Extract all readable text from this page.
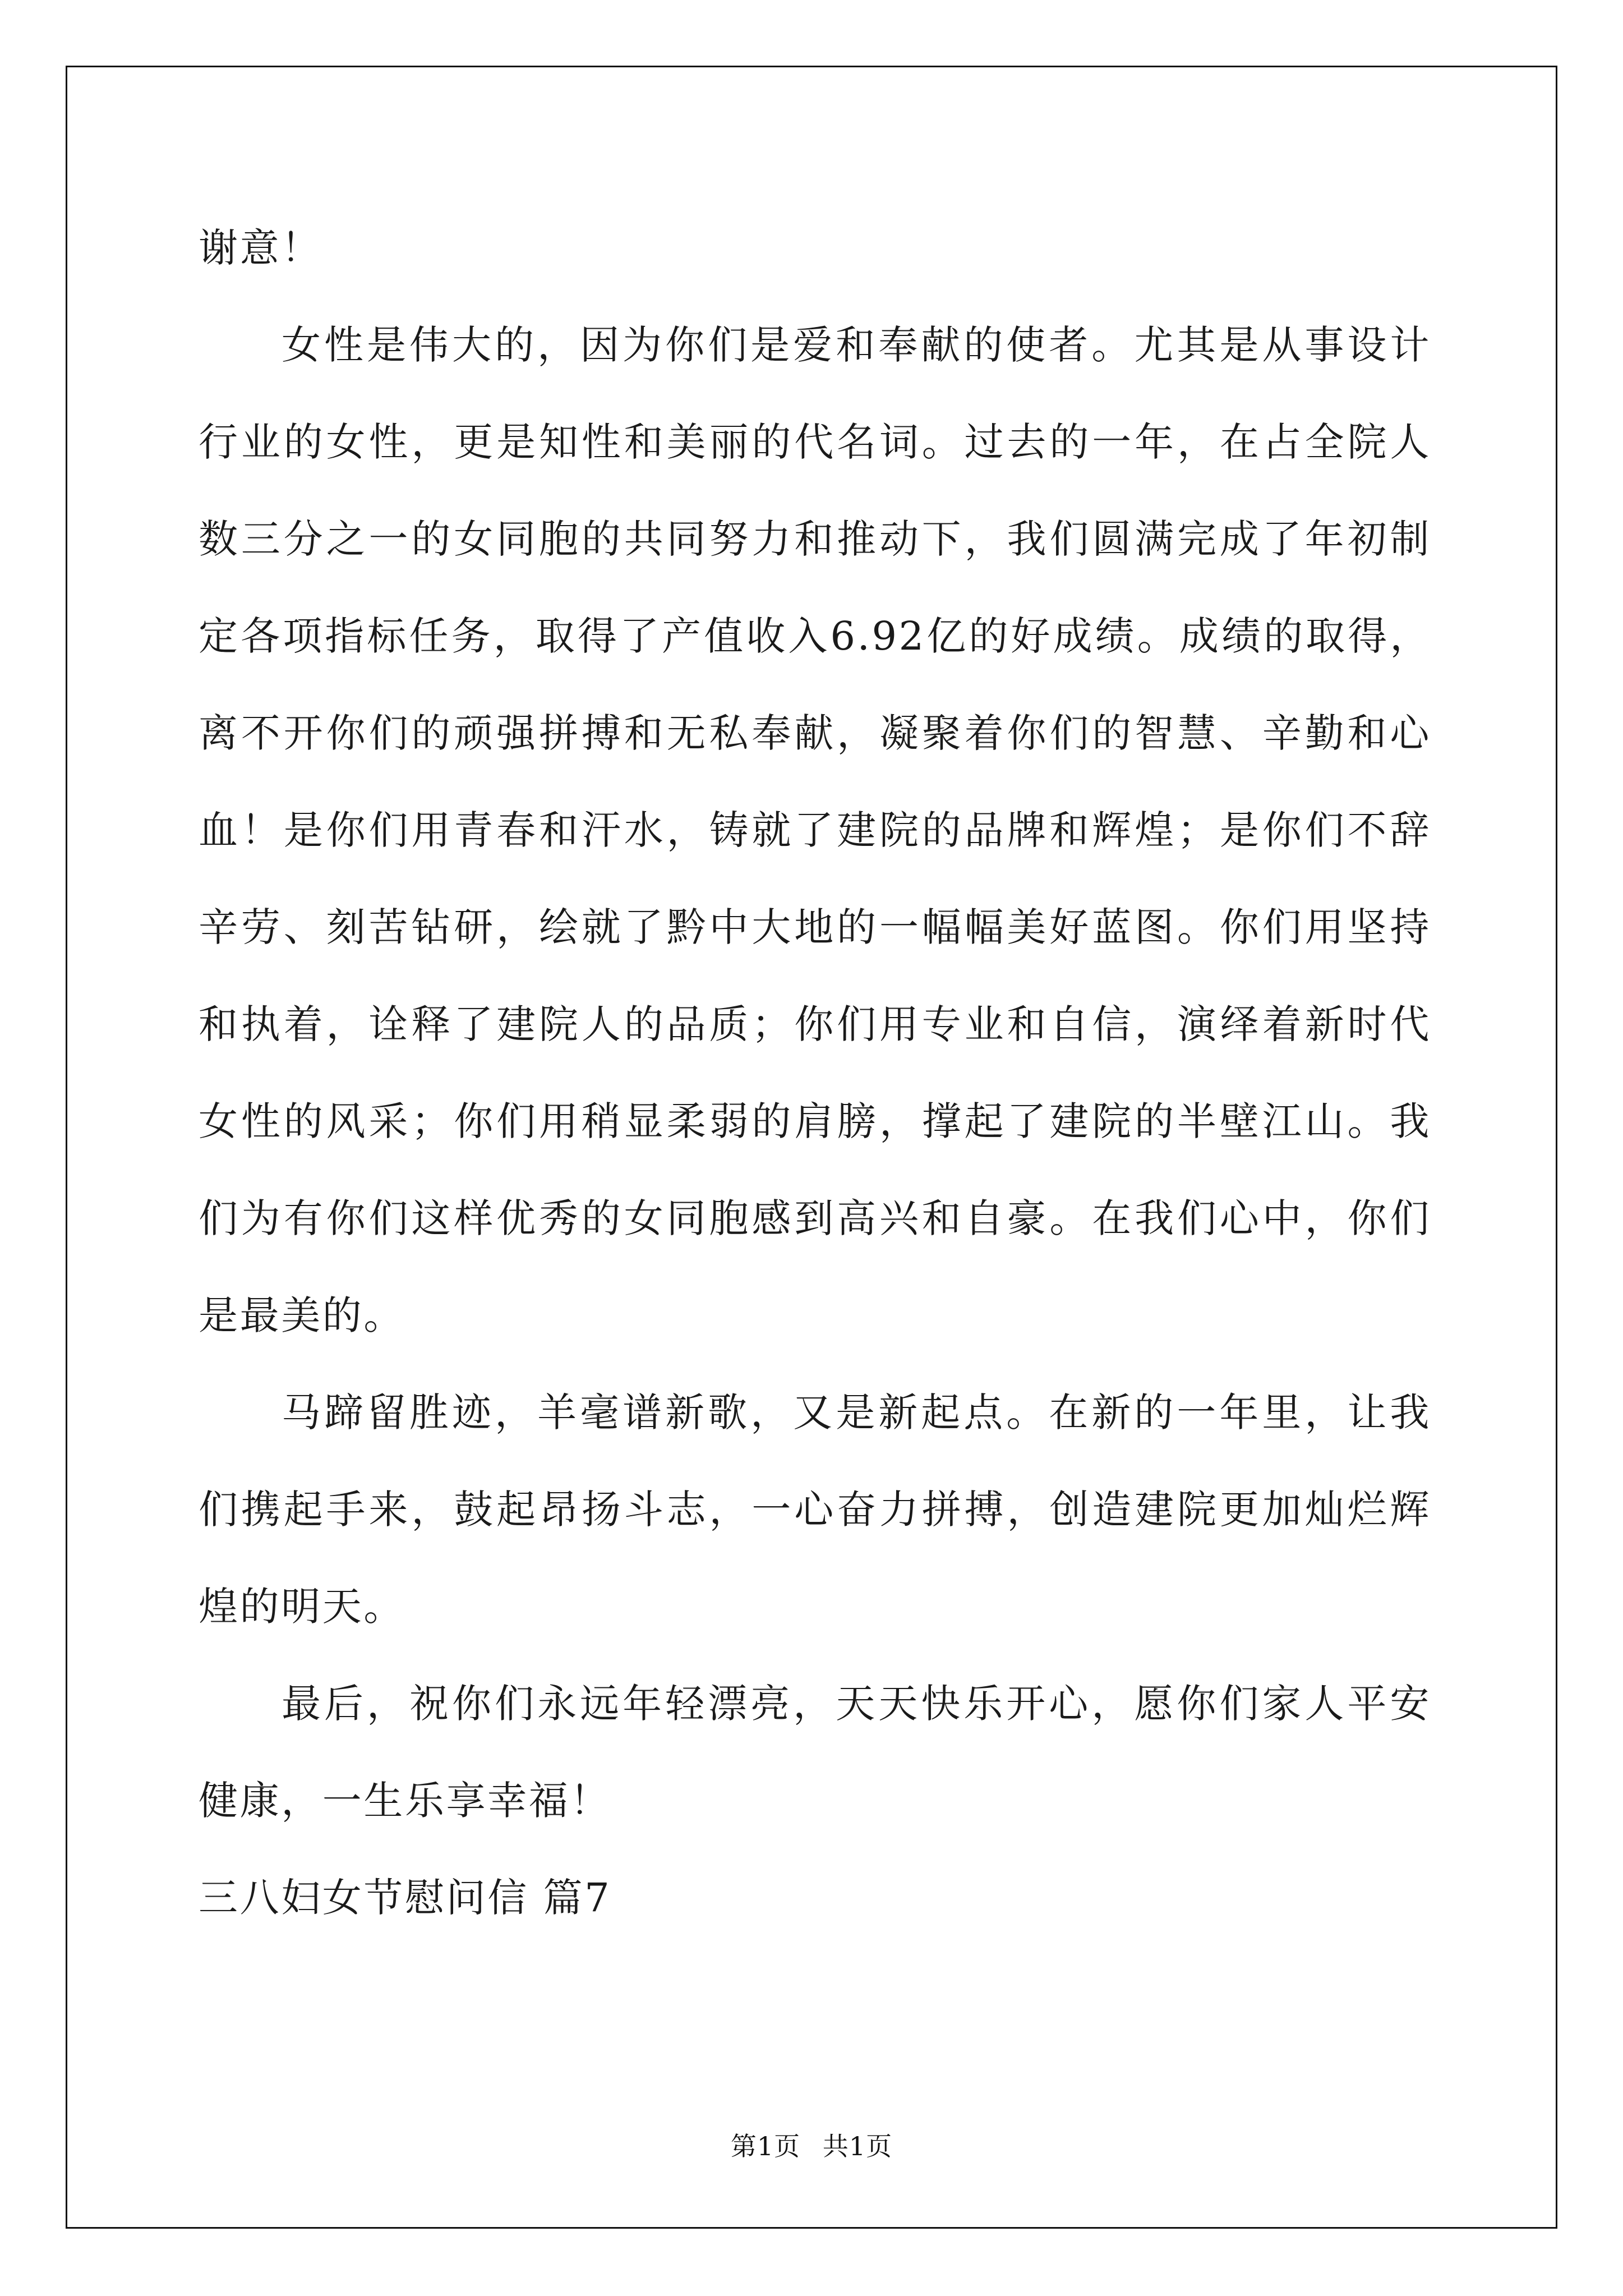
谢意！

女性是伟大的，因为你们是爱和奉献的使者。尤其是从事设计行业的女性，更是知性和美丽的代名词。过去的一年，在占全院人数三分之一的女同胞的共同努力和推动下，我们圆满完成了年初制定各项指标任务，取得了产值收入6.92亿的好成绩。成绩的取得，离不开你们的顽强拼搏和无私奉献，凝聚着你们的智慧、辛勤和心血！是你们用青春和汗水，铸就了建院的品牌和辉煌；是你们不辞辛劳、刻苦钻研，绘就了黔中大地的一幅幅美好蓝图。你们用坚持和执着，诠释了建院人的品质；你们用专业和自信，演绎着新时代女性的风采；你们用稍显柔弱的肩膀，撑起了建院的半壁江山。我们为有你们这样优秀的女同胞感到高兴和自豪。在我们心中，你们是最美的。

马蹄留胜迹，羊毫谱新歌，又是新起点。在新的一年里，让我们携起手来，鼓起昂扬斗志，一心奋力拼搏，创造建院更加灿烂辉煌的明天。

最后，祝你们永远年轻漂亮，天天快乐开心，愿你们家人平安健康，一生乐享幸福！

三八妇女节慰问信 篇7

第1页 共1页
